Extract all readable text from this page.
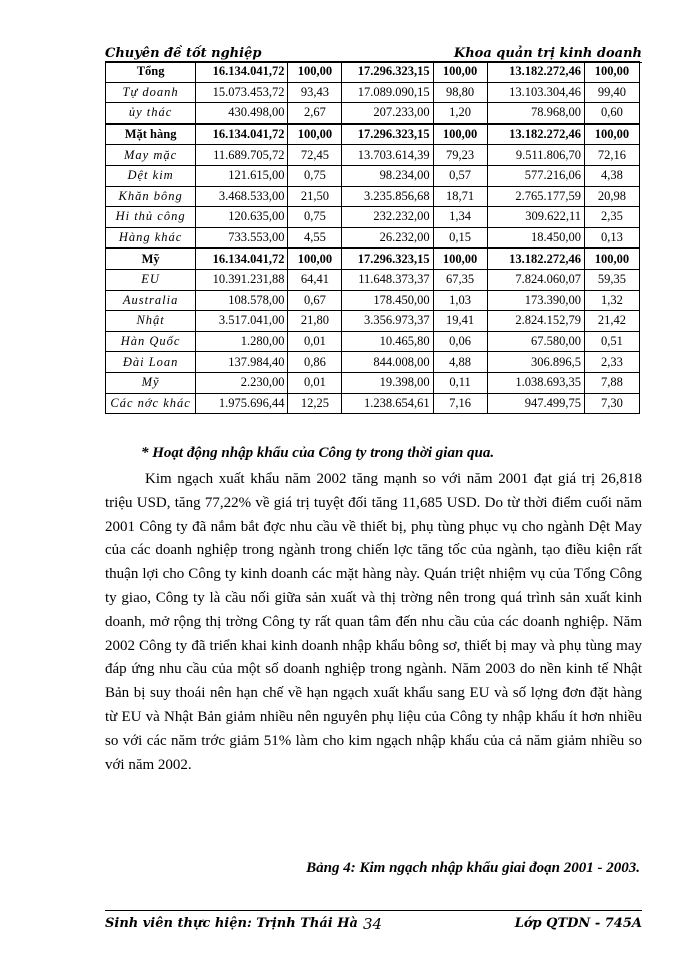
Chuyên đề tốt nghiệp	Khoa quản trị kinh doanh
Tổng	16.134.041,72	100,00	17.296.323,15	100,00	13.182.272,46	100,00
Tự doanh	15.073.453,72	93,43	17.089.090,15	98,80	13.103.304,46	99,40
ủy thác	430.498,00	2,67	207.233,00	1,20	78.968,00	0,60
Mặt hàng	16.134.041,72	100,00	17.296.323,15	100,00	13.182.272,46	100,00
May mặc	11.689.705,72	72,45	13.703.614,39	79,23	9.511.806,70	72,16
Dệt kim	121.615,00	0,75	98.234,00	0,57	577.216,06	4,38
Khăn bông	3.468.533,00	21,50	3.235.856,68	18,71	2.765.177,59	20,98
Hi thủ công	120.635,00	0,75	232.232,00	1,34	309.622,11	2,35
Hàng khác	733.553,00	4,55	26.232,00	0,15	18.450,00	0,13
Mỹ	16.134.041,72	100,00	17.296.323,15	100,00	13.182.272,46	100,00
EU	10.391.231,88	64,41	11.648.373,37	67,35	7.824.060,07	59,35
Australia	108.578,00	0,67	178.450,00	1,03	173.390,00	1,32
Nhật	3.517.041,00	21,80	3.356.973,37	19,41	2.824.152,79	21,42
Hàn Quốc	1.280,00	0,01	10.465,80	0,06	67.580,00	0,51
Đài Loan	137.984,40	0,86	844.008,00	4,88	306.896,5	2,33
Mỹ	2.230,00	0,01	19.398,00	0,11	1.038.693,35	7,88
Các nớc khác	1.975.696,44	12,25	1.238.654,61	7,16	947.499,75	7,30
* Hoạt động nhập khẩu của Công ty trong thời gian qua.
Kim ngạch xuất khẩu năm 2002 tăng mạnh so với năm 2001 đạt giá trị 26,818 triệu USD, tăng 77,22% về giá trị tuyệt đối tăng 11,685 USD. Do từ thời điểm cuối năm 2001 Công ty đã nắm bắt đợc nhu cầu về thiết bị, phụ tùng phục vụ cho ngành Dệt May của các doanh nghiệp trong ngành trong chiến lợc tăng tốc của ngành, tạo điều kiện rất thuận lợi cho Công ty kinh doanh các mặt hàng này. Quán triệt nhiệm vụ của Tổng Công ty giao, Công ty là cầu nối giữa sản xuất và thị trờng nên trong quá trình sản xuất kinh doanh, mở rộng thị trờng Công ty rất quan tâm đến nhu cầu của các doanh nghiệp. Năm 2002 Công ty đã triển khai kinh doanh nhập khẩu bông sơ, thiết bị may và phụ tùng may đáp ứng nhu cầu của một số doanh nghiệp trong ngành. Năm 2003 do nền kinh tế Nhật Bản bị suy thoái nên hạn chế về hạn ngạch xuất khẩu sang EU và số lợng đơn đặt hàng từ EU và Nhật Bản giảm nhiều nên nguyên phụ liệu của Công ty nhập khẩu ít hơn nhiều so với các năm trớc giảm 51% làm cho kim ngạch nhập khẩu của cả năm giảm nhiều so với năm 2002.
Bảng 4: Kim ngạch nhập khẩu giai đoạn 2001 - 2003.
Sinh viên thực hiện: Trịnh Thái Hà 34	Lớp QTDN - 745A
